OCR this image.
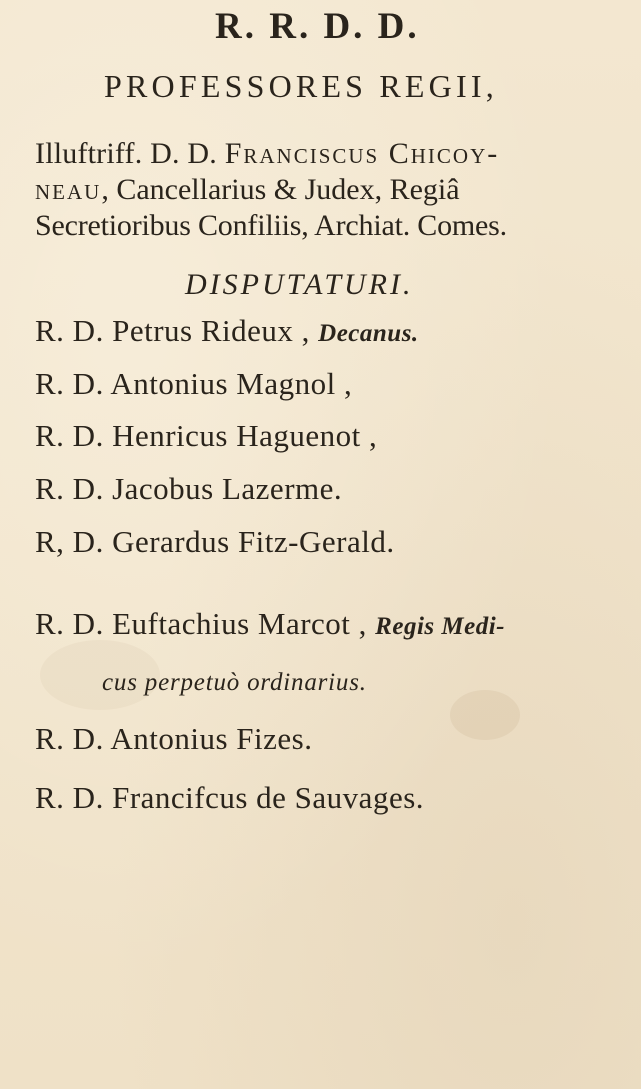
R. R. D. D.
PROFESSORES REGII,
Illuftriff. D. D. Franciscus Chicoy-
neau, Cancellarius & Judex, Regiâ
Secretioribus Confiliis, Archiat. Comes.
DISPUTATURI.
R. D. Petrus Rideux , Decanus.
R. D. Antonius Magnol ,
R. D. Henricus Haguenot ,
R. D. Jacobus Lazerme.
R, D. Gerardus Fitz-Gerald.
R. D. Euftachius Marcot , Regis Medi-
cus perpetuò ordinarius.
R. D. Antonius Fizes.
R. D. Francifcus de Sauvages.
